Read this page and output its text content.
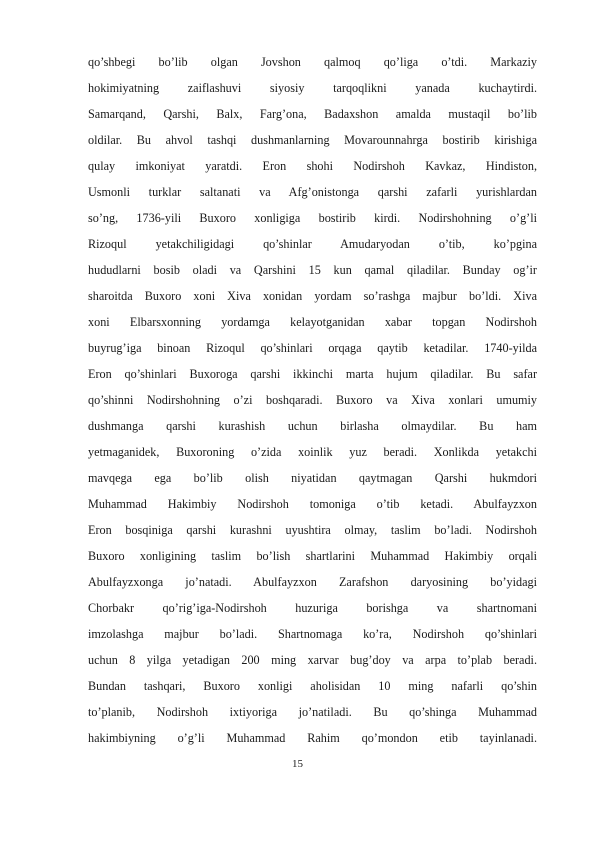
qo’shbegi bo’lib olgan Jovshon qalmoq qo’liga o’tdi. Markaziy
hokimiyatning zaiflashuvi siyosiy tarqoqlikni yanada kuchaytirdi.
Samarqand, Qarshi, Balx, Farg’ona, Badaxshon amalda mustaqil bo’lib
oldilar. Bu ahvol tashqi dushmanlarning Movarounnahrga bostirib kirishiga
qulay imkoniyat yaratdi. Eron shohi Nodirshoh Kavkaz, Hindiston,
Usmonli turklar saltanati va Afg’onistonga qarshi zafarli yurishlardan
so’ng, 1736-yili Buxoro xonligiga bostirib kirdi. Nodirshohning o’g’li
Rizoqul yetakchiligidagi qo’shinlar Amudaryodan o’tib, ko’pgina
hududlarni bosib oladi va Qarshini 15 kun qamal qiladilar. Bunday og’ir
sharoitda Buxoro xoni Xiva xonidan yordam so’rashga majbur bo’ldi. Xiva
xoni Elbarsxonning yordamga kelayotganidan xabar topgan Nodirshoh
buyrug’iga binoan Rizoqul qo’shinlari orqaga qaytib ketadilar. 1740-yilda
Eron qo’shinlari Buxoroga qarshi ikkinchi marta hujum qiladilar. Bu safar
qo’shinni Nodirshohning o’zi boshqaradi. Buxoro va Xiva xonlari umumiy
dushmanga qarshi kurashish uchun birlasha olmaydilar. Bu ham
yetmaganidek, Buxoroning o’zida xoinlik yuz beradi. Xonlikda yetakchi
mavqega ega bo’lib olish niyatidan qaytmagan Qarshi hukmdori
Muhammad Hakimbiy Nodirshoh tomoniga o’tib ketadi. Abulfayzxon
Eron bosqiniga qarshi kurashni uyushtira olmay, taslim bo’ladi. Nodirshoh
Buxoro xonligining taslim bo’lish shartlarini Muhammad Hakimbiy orqali
Abulfayzxonga jo’natadi. Abulfayzxon Zarafshon daryosining bo’yidagi
Chorbakr qo’rig’iga-Nodirshoh huzuriga borishga va shartnomani
imzolashga majbur bo’ladi. Shartnomaga ko’ra, Nodirshoh qo’shinlari
uchun 8 yilga yetadigan 200 ming xarvar bug’doy va arpa to’plab beradi.
Bundan tashqari, Buxoro xonligi aholisidan 10 ming nafarli qo’shin
to’planib, Nodirshoh ixtiyoriga jo’natiladi. Bu qo’shinga Muhammad
hakimbiyning o’g’li Muhammad Rahim qo’mondon etib tayinlanadi.
15
